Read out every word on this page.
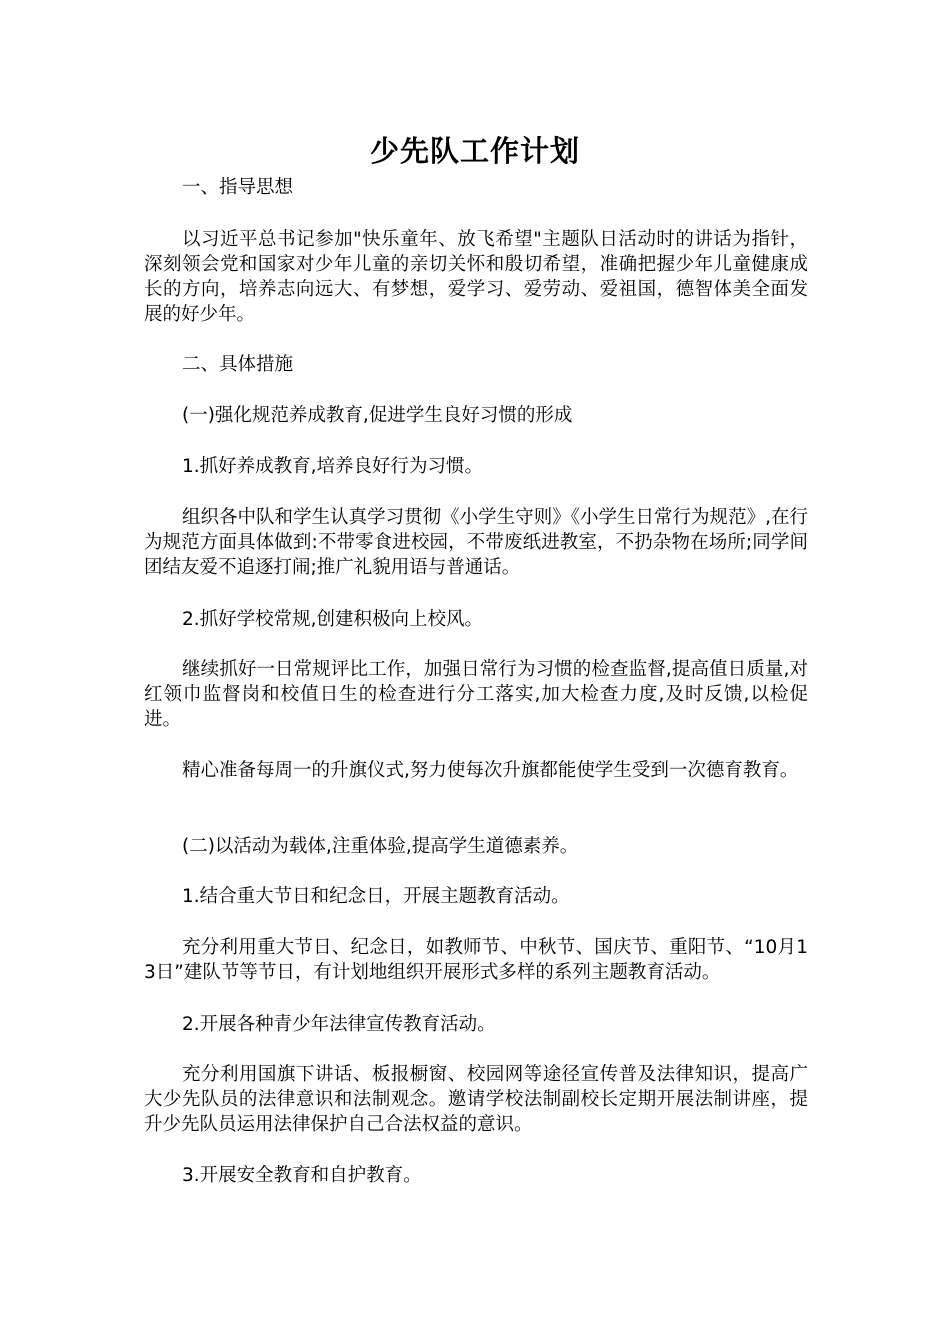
少先队工作计划

一、指导思想

以习近平总书记参加"快乐童年、放飞希望"主题队日活动时的讲话为指针，深刻领会党和国家对少年儿童的亲切关怀和殷切希望，准确把握少年儿童健康成长的方向，培养志向远大、有梦想，爱学习、爱劳动、爱祖国，德智体美全面发展的好少年。

二、具体措施

(一)强化规范养成教育,促进学生良好习惯的形成

1.抓好养成教育,培养良好行为习惯。

组织各中队和学生认真学习贯彻《小学生守则》《小学生日常行为规范》,在行为规范方面具体做到:不带零食进校园，不带废纸进教室，不扔杂物在场所;同学间团结友爱不追逐打闹;推广礼貌用语与普通话。

2.抓好学校常规,创建积极向上校风。

继续抓好一日常规评比工作，加强日常行为习惯的检查监督,提高值日质量,对红领巾监督岗和校值日生的检查进行分工落实,加大检查力度,及时反馈,以检促进。

精心准备每周一的升旗仪式,努力使每次升旗都能使学生受到一次德育教育。

(二)以活动为载体,注重体验,提高学生道德素养。

1.结合重大节日和纪念日，开展主题教育活动。

充分利用重大节日、纪念日，如教师节、中秋节、国庆节、重阳节、“10月13日”建队节等节日，有计划地组织开展形式多样的系列主题教育活动。

2.开展各种青少年法律宣传教育活动。

充分利用国旗下讲话、板报橱窗、校园网等途径宣传普及法律知识，提高广大少先队员的法律意识和法制观念。邀请学校法制副校长定期开展法制讲座，提升少先队员运用法律保护自己合法权益的意识。

3.开展安全教育和自护教育。
